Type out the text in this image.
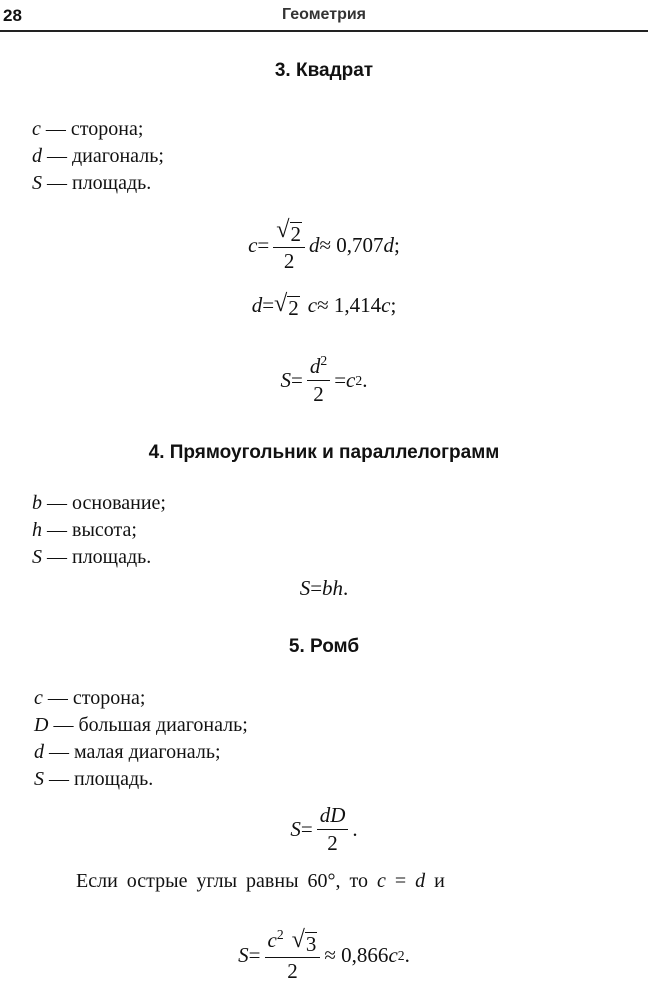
28	Геометрия
3. Квадрат
c — сторона;
d — диагональ;
S — площадь.
$c = \frac{√ 2}{2}$ d ≈ 0,707 d ;
d = √ 2 c ≈ 1,414 c ;
$S = \frac{d^2}{2} = c$ 2 .
4. Прямоугольник и параллелограмм
b — основание;
h — высота;
S — площадь.
S = bh .
5. Ромб
c — сторона;
D — большая диагональ;
d — малая диагональ;
S — площадь.
$S = \frac{dD}{2}$ .
Если острые углы равны 60°, то c = d и
$S = \frac{c^2 √ 3}{2} \approx 0,866$ c 2 .
